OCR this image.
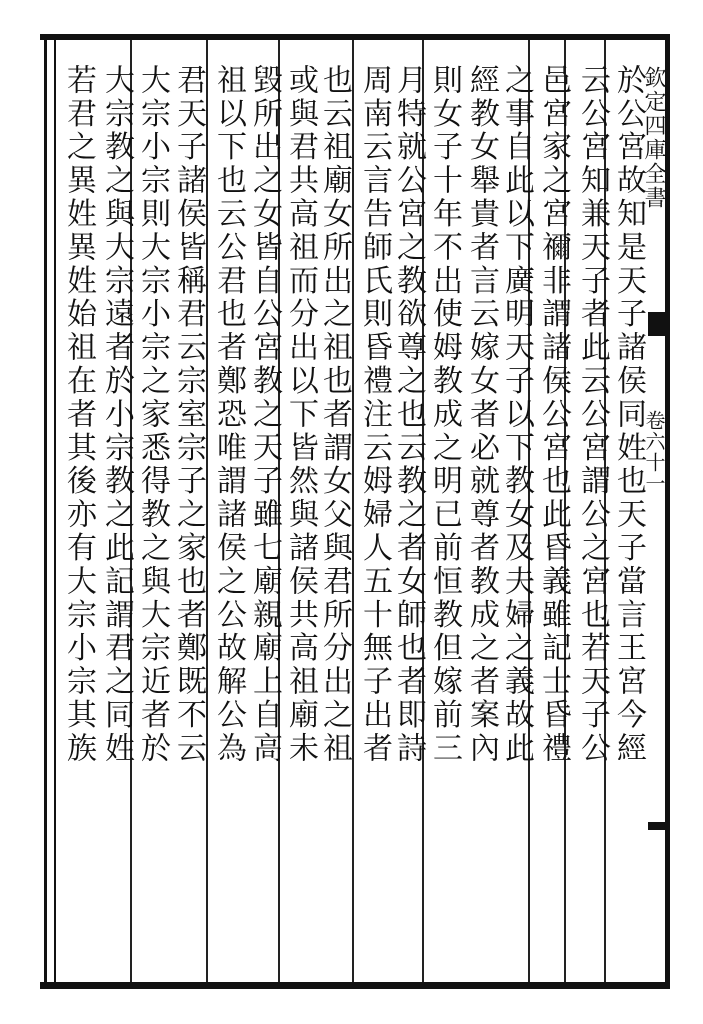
於公宮故知是天子諸侯同姓也天子當言王宮今經
云公宮知兼天子者此云公宮謂公之宮也若天子公
邑宮家之宮禰非謂諸侯公宮也此昏義雖記士昏禮
之事自此以下廣明天子以下教女及夫婦之義故此
經教女舉貴者言云嫁女者必就尊者教成之者案內
則女子十年不出使姆教成之明已前恒教但嫁前三
月特就公宮之教欲尊之也云教之者女師也者即詩
周南云言告師氏則昏禮注云姆婦人五十無子出者
也云祖廟女所出之祖也者謂女父與君所分出之祖
或與君共高祖而分出以下皆然與諸侯共高祖廟未
毀所出之女皆自公宮教之天子雖七廟親廟上自高
祖以下也云公君也者鄭恐唯謂諸侯之公故解公為
君天子諸侯皆稱君云宗室宗子之家也者鄭既不云
大宗小宗則大宗小宗之家悉得教之與大宗近者於
大宗教之與大宗遠者於小宗教之此記謂君之同姓
若君之異姓異姓始祖在者其後亦有大宗小宗其族	欽定四庫全書
卷六十一
